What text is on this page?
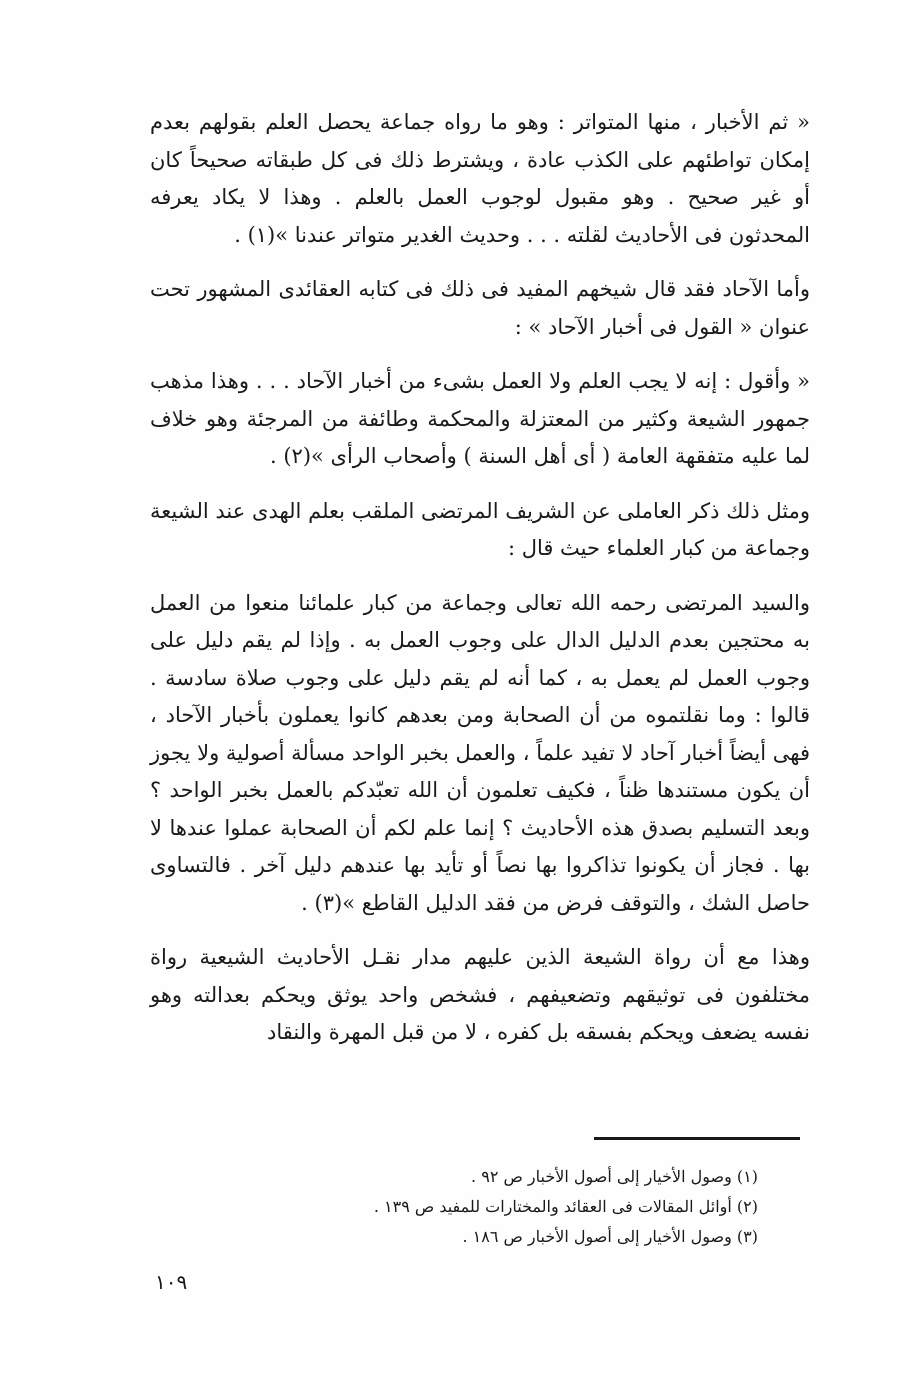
« ثم الأخبار ، منها المتواتر : وهو ما رواه جماعة يحصل العلم بقولهم بعدم إمكان تواطئهم على الكذب عادة ، ويشترط ذلك فى كل طبقاته صحيحاً كان أو غير صحيح . وهو مقبول لوجوب العمل بالعلم . وهذا لا يكاد يعرفه المحدثون فى الأحاديث لقلته . . . وحديث الغدير متواتر عندنا »(١) .

وأما الآحاد فقد قال شيخهم المفيد فى ذلك فى كتابه العقائدى المشهور تحت عنوان « القول فى أخبار الآحاد » :

« وأقول : إنه لا يجب العلم ولا العمل بشىء من أخبار الآحاد . . . وهذا مذهب جمهور الشيعة وكثير من المعتزلة والمحكمة وطائفة من المرجئة وهو خلاف لما عليه متفقهة العامة ( أى أهل السنة ) وأصحاب الرأى »(٢) .

ومثل ذلك ذكر العاملى عن الشريف المرتضى الملقب بعلم الهدى عند الشيعة وجماعة من كبار العلماء حيث قال :

والسيد المرتضى رحمه الله تعالى وجماعة من كبار علمائنا منعوا من العمل به محتجين بعدم الدليل الدال على وجوب العمل به . وإذا لم يقم دليل على وجوب العمل لم يعمل به ، كما أنه لم يقم دليل على وجوب صلاة سادسة . قالوا : وما نقلتموه من أن الصحابة ومن بعدهم كانوا يعملون بأخبار الآحاد ، فهى أيضاً أخبار آحاد لا تفيد علماً ، والعمل بخبر الواحد مسألة أصولية ولا يجوز أن يكون مستندها ظناً ، فكيف تعلمون أن الله تعبّدكم بالعمل بخبر الواحد ؟ وبعد التسليم بصدق هذه الأحاديث ؟ إنما علم لكم أن الصحابة عملوا عندها لا بها . فجاز أن يكونوا تذاكروا بها نصاً أو تأيد بها عندهم دليل آخر . فالتساوى حاصل الشك ، والتوقف فرض من فقد الدليل القاطع »(٣) .

وهذا مع أن رواة الشيعة الذين عليهم مدار نقـل الأحاديث الشيعية رواة مختلفون فى توثيقهم وتضعيفهم ، فشخص واحد يوثق ويحكم بعدالته وهو نفسه يضعف ويحكم بفسقه بل كفره ، لا من قبل المهرة والنقاد

(١) وصول الأخيار إلى أصول الأخبار ص ٩٢ .
(٢) أوائل المقالات فى العقائد والمختارات للمفيد ص ١٣٩ .
(٣) وصول الأخيار إلى أصول الأخبار ص ١٨٦ .
١٠٩
